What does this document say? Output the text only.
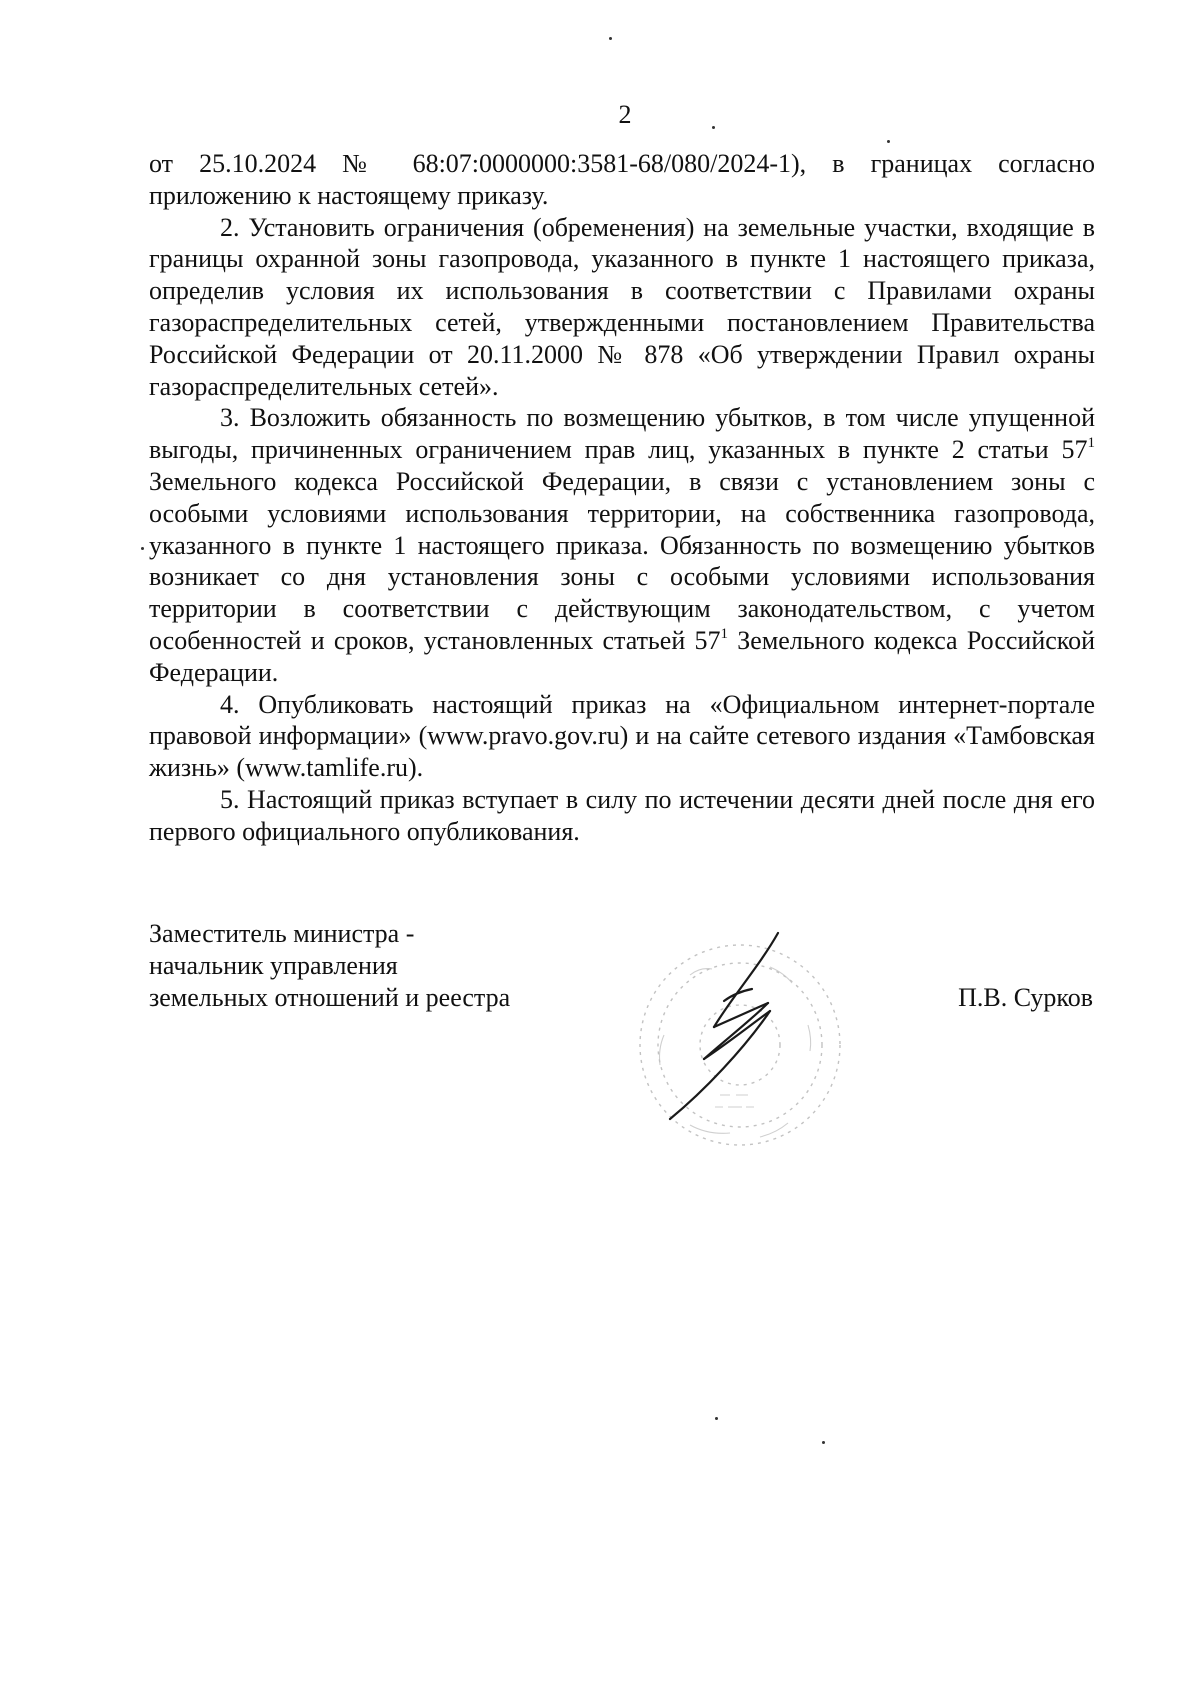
2

от 25.10.2024 № 68:07:0000000:3581-68/080/2024-1), в границах согласно приложению к настоящему приказу.

2. Установить ограничения (обременения) на земельные участки, входящие в границы охранной зоны газопровода, указанного в пункте 1 настоящего приказа, определив условия их использования в соответствии с Правилами охраны газораспределительных сетей, утвержденными постановлением Правительства Российской Федерации от 20.11.2000 № 878 «Об утверждении Правил охраны газораспределительных сетей».

3. Возложить обязанность по возмещению убытков, в том числе упущенной выгоды, причиненных ограничением прав лиц, указанных в пункте 2 статьи $57^1$ Земельного кодекса Российской Федерации, в связи с установлением зоны с особыми условиями использования территории, на собственника газопровода, указанного в пункте 1 настоящего приказа. Обязанность по возмещению убытков возникает со дня установления зоны с особыми условиями использования территории в соответствии с действующим законодательством, с учетом особенностей и сроков, установленных статьей $57^1$ Земельного кодекса Российской Федерации.

4. Опубликовать настоящий приказ на «Официальном интернет-портале правовой информации» (www.pravo.gov.ru) и на сайте сетевого издания «Тамбовская жизнь» (www.tamlife.ru).

5. Настоящий приказ вступает в силу по истечении десяти дней после дня его первого официального опубликования.

Заместитель министра -
начальник управления
земельных отношений и реестра	П.В. Сурков
